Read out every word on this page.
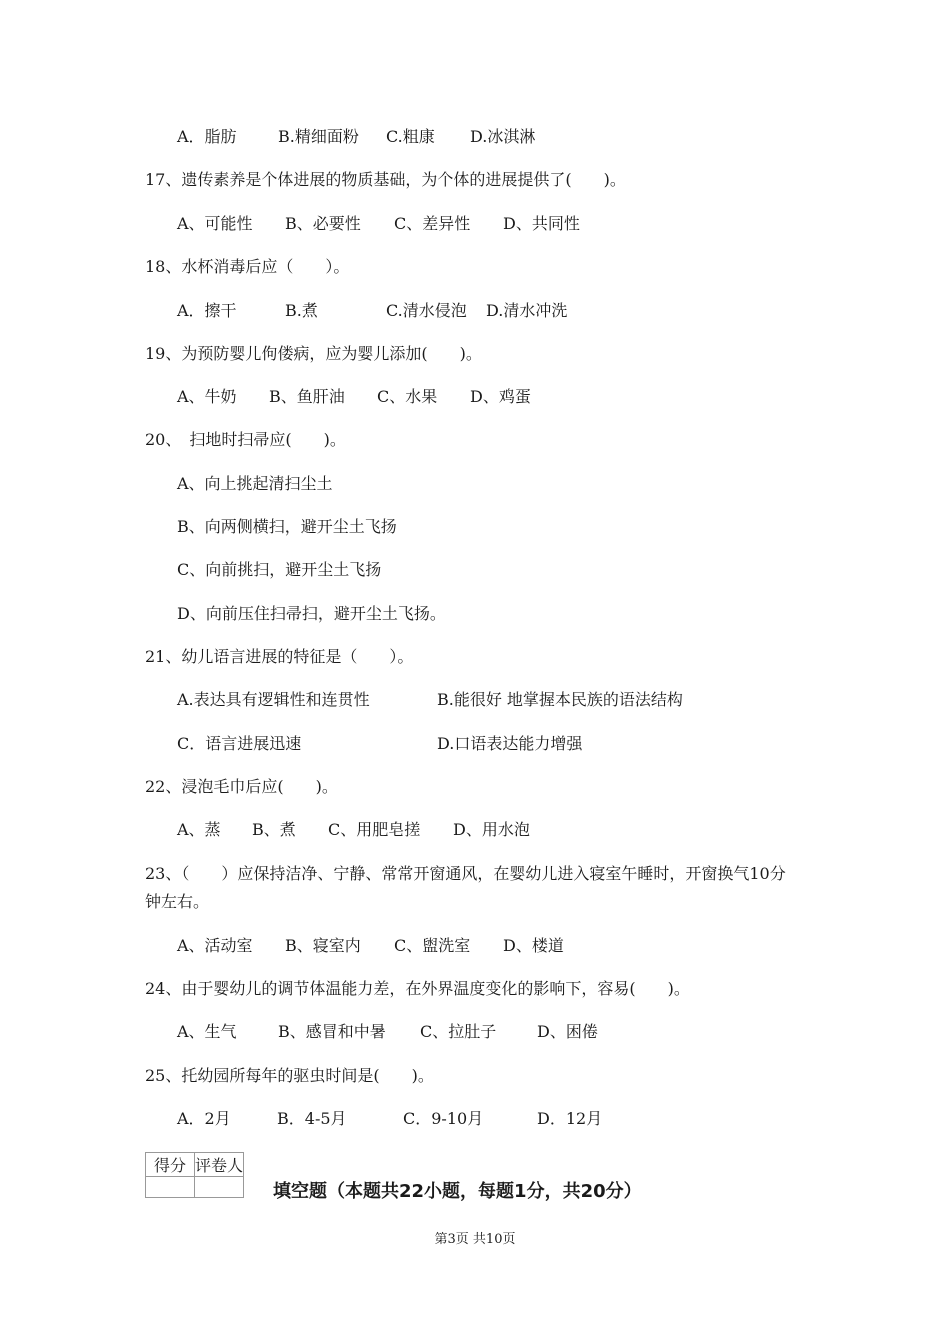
A．脂肪	B.精细面粉 C.粗康 D.冰淇淋
17、遗传素养是个体进展的物质基础，为个体的进展提供了(　　)。
A、可能性 B、必要性 C、差异性 D、共同性
18、水杯消毒后应（　　）。
A．擦干	B.煮	C.清水侵泡 D.清水冲洗
19、为预防婴儿佝偻病，应为婴儿添加(　　)。
A、牛奶 B、鱼肝油 C、水果 D、鸡蛋
20、　扫地时扫帚应(　　)。
A、向上挑起清扫尘土
B、向两侧横扫，避开尘土飞扬
C、向前挑扫，避开尘土飞扬
D、向前压住扫帚扫，避开尘土飞扬。
21、幼儿语言进展的特征是（　　）。
A.表达具有逻辑性和连贯性	B.能很好 地掌握本民族的语法结构
C．语言进展迅速	D.口语表达能力增强
22、浸泡毛巾后应(　　)。
A、蒸 B、煮 C、用肥皂搓 D、用水泡
23、（　　）应保持洁净、宁静、常常开窗通风，在婴幼儿进入寝室午睡时，开窗换气10分
钟左右。
A、活动室 B、寝室内 C、盥洗室 D、楼道
24、由于婴幼儿的调节体温能力差，在外界温度变化的影响下，容易(　　)。
A、生气	B、感冒和中暑 C、拉肚子	D、困倦
25、托幼园所每年的驱虫时间是(　　)。
A．2月	B．4-5月	C．9-10月	D．12月
得分	评卷人

填空题（本题共22小题，每题1分，共20分）
第3页 共10页
